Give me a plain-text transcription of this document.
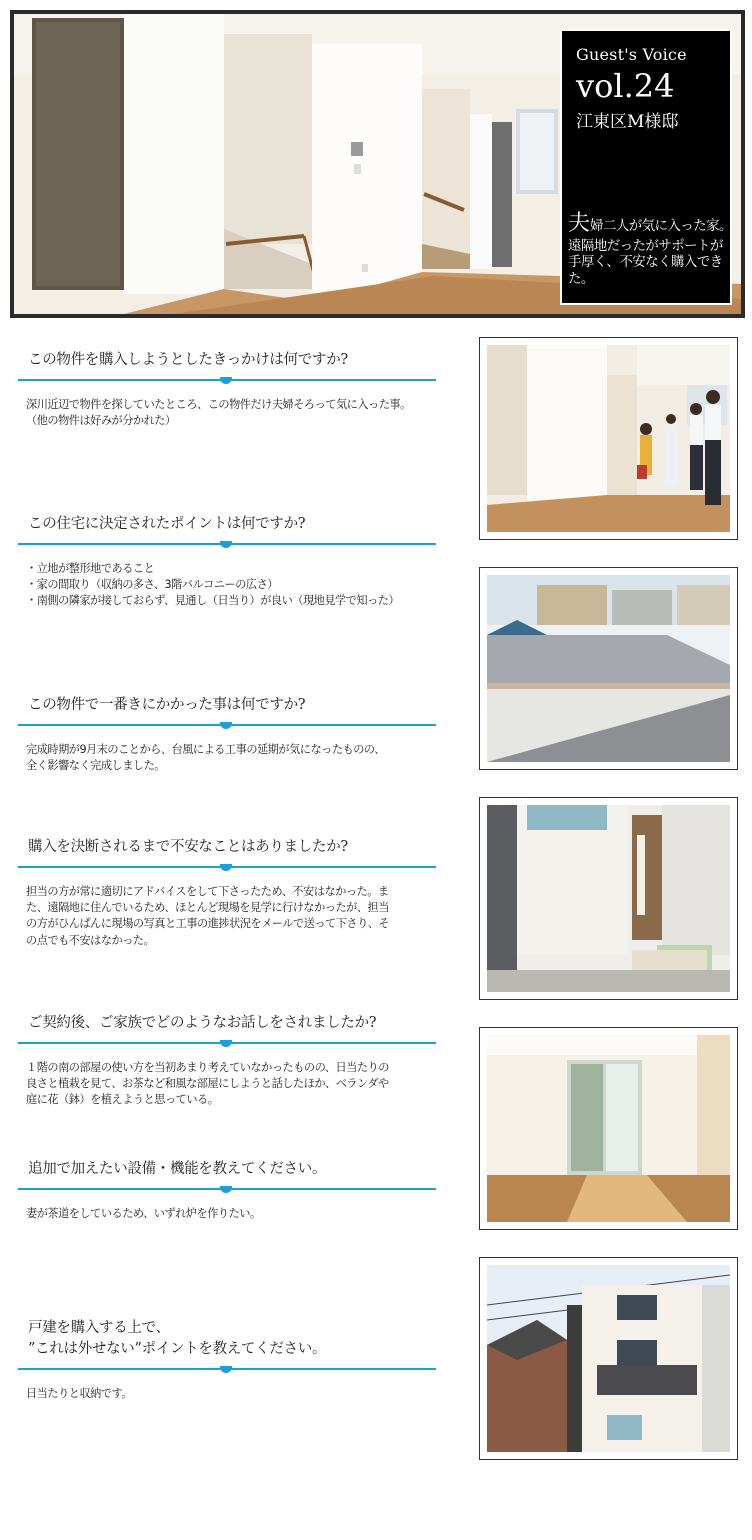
Guest's Voice
vol.24
江東区M様邸
夫婦二人が気に入った家。
遠隔地だったがサポートが
手厚く、不安なく購入できた。
この物件を購入しようとしたきっかけは何ですか?
深川近辺で物件を探していたところ、この物件だけ夫婦そろって気に入った事。
（他の物件は好みが分かれた）
この住宅に決定されたポイントは何ですか?
・立地が整形地であること
・家の間取り（収納の多さ、3階バルコニーの広さ）
・南側の隣家が接しておらず、見通し（日当り）が良い（現地見学で知った）
この物件で一番きにかかった事は何ですか?
完成時期が9月末のことから、台風による工事の延期が気になったものの、
全く影響なく完成しました。
購入を決断されるまで不安なことはありましたか?
担当の方が常に適切にアドバイスをして下さったため、不安はなかった。ま
た、遠隔地に住んでいるため、ほとんど現場を見学に行けなかったが、担当
の方がひんぱんに現場の写真と工事の進捗状況をメールで送って下さり、そ
の点でも不安はなかった。
ご契約後、ご家族でどのようなお話しをされましたか?
１階の南の部屋の使い方を当初あまり考えていなかったものの、日当たりの
良さと植栽を見て、お茶など和風な部屋にしようと話したほか、ベランダや
庭に花（鉢）を植えようと思っている。
追加で加えたい設備・機能を教えてください。
妻が茶道をしているため、いずれ炉を作りたい。
戸建を購入する上で、
”これは外せない”ポイントを教えてください。
日当たりと収納です。
